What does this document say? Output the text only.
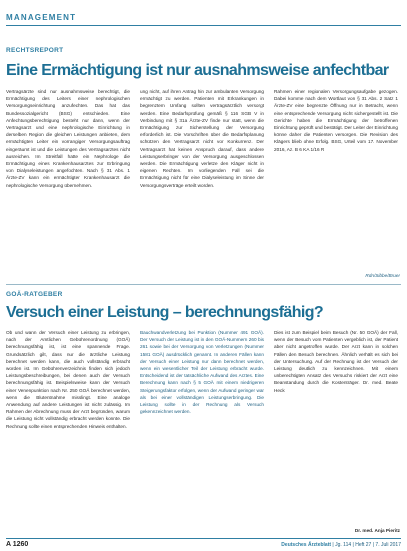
MANAGEMENT
RECHTSREPORT
Eine Ermächtigung ist nur ausnahmsweise anfechtbar
Vertragsärzte sind nur ausnahmsweise berechtigt, die Ermächtigung des Leiters einer nephrologischen Versorgungseinrichtung anzufechten. Das hat das Bundessozialgericht (BSG) entschieden. Eine Anfechtungsberechtigung besteht nur dann, wenn der Vertragsarzt und eine nephrologische Einrichtung in derselben Region die gleichen Leistungen anbieten, dem ermächtigten Leiter ein vorrangiger Versorgungsauftrag eingeräumt ist und die Leistungen des Vertragsarztes nicht ausreichen. Im Streitfall hatte ein Nephrologe die Ermächtigung eines Krankenhausarztes zur Erbringung von Dialyseleistungen angefochten. Nach § 31 Abs. 1 Ärzte-ZV kann ein ermächtigter Krankenhausarzt die nephrologische Versorgung übernehmen.
ung nicht, auf ihren Antrag hin zur ambulanten Versorgung ermächtigt zu werden. Patienten mit Erkrankungen in begrenztem Umfang sollten vertragsärztlich versorgt werden. Eine Bedarfsprüfung gemäß § 116 SGB V in Verbindung mit § 31a Ärzte-ZV finde nur statt, wenn die Ermächtigung zur Sicherstellung der Versorgung erforderlich ist. Die Vorschriften über die Bedarfsplanung schützen den Vertragsarzt nicht vor Konkurrenz. Der Vertragsarzt hat keinen Anspruch darauf, dass andere Leistungserbringer von der Versorgung ausgeschlossen werden. Die Ermächtigung verletze den Kläger nicht in eigenen Rechten. Im vorliegenden Fall sei die Ermächtigung nicht für eine Dialyseleistung im Sinne der Versorgungsverträge erteilt worden.
Rahmen einer regionalen Versorgungsaufgabe gezogen. Dabei komme nach dem Wortlaut von § 31 Abs. 2 Satz 1 Ärzte-ZV eine begrenzte Öffnung nur in Betracht, wenn eine entsprechende Versorgung nicht sichergestellt ist. Die Gerichte haben die Ermächtigung der betroffenen Einrichtung geprüft und bestätigt. Der Leiter der Einrichtung könne daher die Patienten versorgen. Die Revision des Klägers blieb ohne Erfolg. BSG, Urteil vom 17. November 2016, Az. B 6 KA 1/16 R
Rdn/Sibbe/Bruer
GOÄ-RATGEBER
Versuch einer Leistung – berechnungsfähig?
Ob und wann der Versuch einer Leistung zu erbringen, nach der Amtlichen Gebührenordnung (GOÄ) berechnungsfähig ist, ist eine spannende Frage. Grundsätzlich gilt, dass nur die ärztliche Leistung berechnet werden kann, die auch vollständig erbracht worden ist. Im Gebührenverzeichnis finden sich jedoch Leistungsbeschreibungen, bei denen auch der Versuch berechnungsfähig ist. Beispielsweise kann der Versuch einer Venenpunktion nach Nr. 250 GOÄ berechnet werden, wenn die Blutentnahme misslingt. Eine analoge Anwendung auf andere Leistungen ist nicht zulässig. Im Rahmen der Abrechnung muss der Arzt begründen, warum die Leistung nicht vollständig erbracht werden konnte. Die Rechnung sollte einen entsprechenden Hinweis enthalten.
Bauchwandverletzung bei Punktion (Nummer 491 GOÄ). Der Versuch der Leistung ist in den GOÄ-Nummern 260 bis 261 sowie bei der Versorgung von Verletzungen (Nummer 1581 GOÄ) ausdrücklich genannt. In anderen Fällen kann der Versuch einer Leistung nur dann berechnet werden, wenn ein wesentlicher Teil der Leistung erbracht wurde. Entscheidend ist der tatsächliche Aufwand des Arztes. Eine Berechnung kann nach § 5 GOÄ mit einem niedrigeren Steigerungsfaktor erfolgen, wenn der Aufwand geringer war als bei einer vollständigen Leistungserbringung. Die Leistung sollte in der Rechnung als Versuch gekennzeichnet werden.
Dies ist zum Beispiel beim Besuch (Nr. 50 GOÄ) der Fall, wenn der Besuch vom Patienten vergeblich ist, der Patient aber nicht angetroffen wurde. Der Arzt kann in solchen Fällen den Besuch berechnen. Ähnlich verhält es sich bei der Untersuchung. Auf der Rechnung ist der Versuch der Leistung deutlich zu kennzeichnen. Mit einem unberechtigten Ansatz des Versuchs riskiert der Arzt eine Beanstandung durch die Kostenträger. Dr. med. Beate Heck
Dr. med. Anja Pieritz
A 1260	Deutsches Ärzteblatt | Jg. 114 | Heft 27 | 7. Juli 2017
